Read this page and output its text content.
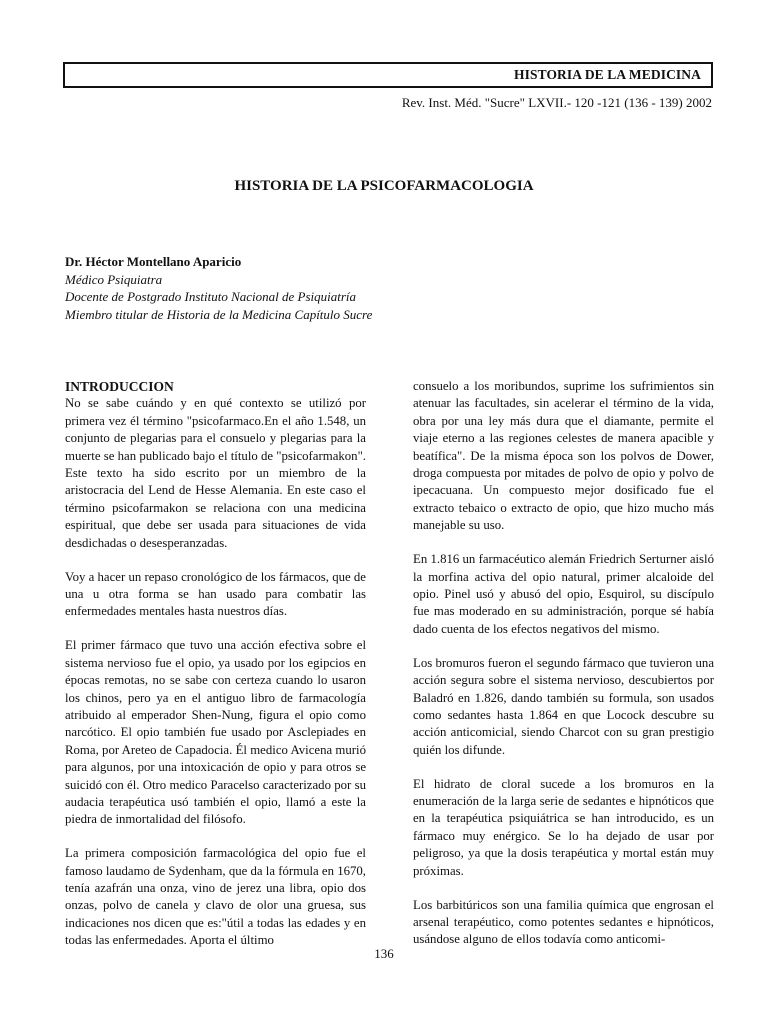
HISTORIA DE LA MEDICINA
Rev. Inst. Méd. "Sucre" LXVII.- 120 -121 (136 - 139) 2002
HISTORIA DE LA PSICOFARMACOLOGIA
Dr. Héctor Montellano Aparicio
Médico Psiquiatra
Docente de Postgrado Instituto Nacional de Psiquiatría
Miembro titular de Historia de la Medicina Capítulo Sucre
INTRODUCCION

No se sabe cuándo y en qué contexto se utilizó por primera vez él término "psicofarmaco.En el año 1.548, un conjunto de plegarias para el consuelo y plegarias para la muerte se han publicado bajo el título de "psicofarmakon". Este texto ha sido escrito por un miembro de la aristocracia del Lend de Hesse Alemania. En este caso el término psicofarmakon se relaciona con una medicina espiritual, que debe ser usada para situaciones de vida desdichadas o desesperanzadas.

Voy a hacer un repaso cronológico de los fármacos, que de una u otra forma se han usado para combatir las enfermedades mentales hasta nuestros días.

El primer fármaco que tuvo una acción efectiva sobre el sistema nervioso fue el opio, ya usado por los egipcios en épocas remotas, no se sabe con certeza cuando lo usaron los chinos, pero ya en el antiguo libro de farmacología atribuido al emperador Shen-Nung, figura el opio como narcótico. El opio también fue usado por Asclepiades en Roma, por Areteo de Capadocia. Él medico Avicena murió para algunos, por una intoxicación de opio y para otros se suicidó con él. Otro medico Paracelso caracterizado por su audacia terapéutica usó también el opio, llamó a este la piedra de inmortalidad del filósofo.

La primera composición farmacológica del opio fue el famoso laudamo de Sydenham, que da la fórmula en 1670, tenía azafrán una onza, vino de jerez una libra, opio dos onzas, polvo de canela y clavo de olor una gruesa, sus indicaciones nos dicen que es:"útil a todas las edades y en todas las enfermedades. Aporta el último

consuelo a los moribundos, suprime los sufrimientos sin atenuar las facultades, sin acelerar el término de la vida, obra por una ley más dura que el diamante, permite el viaje eterno a las regiones celestes de manera apacible y beatífica". De la misma época son los polvos de Dower, droga compuesta por mitades de polvo de opio y polvo de ipecacuana. Un compuesto mejor dosificado fue el extracto tebaico o extracto de opio, que hizo mucho más manejable su uso.

En 1.816 un farmacéutico alemán Friedrich Serturner aisló la morfina activa del opio natural, primer alcaloide del opio. Pinel usó y abusó del opio, Esquirol, su discípulo fue mas moderado en su administración, porque sé había dado cuenta de los efectos negativos del mismo.

Los bromuros fueron el segundo fármaco que tuvieron una acción segura sobre el sistema nervioso, descubiertos por Baladró en 1.826, dando también su formula, son usados como sedantes hasta 1.864 en que Locock descubre su acción anticomicial, siendo Charcot con su gran prestigio quién los difunde.

El hidrato de cloral sucede a los bromuros en la enumeración de la larga serie de sedantes e hipnóticos que en la terapéutica psiquiátrica se han introducido, es un fármaco muy enérgico. Se lo ha dejado de usar por peligroso, ya que la dosis terapéutica y mortal están muy próximas.

Los barbitúricos son una familia química que engrosan el arsenal terapéutico, como potentes sedantes e hipnóticos, usándose alguno de ellos todavía como anticomi-

136
